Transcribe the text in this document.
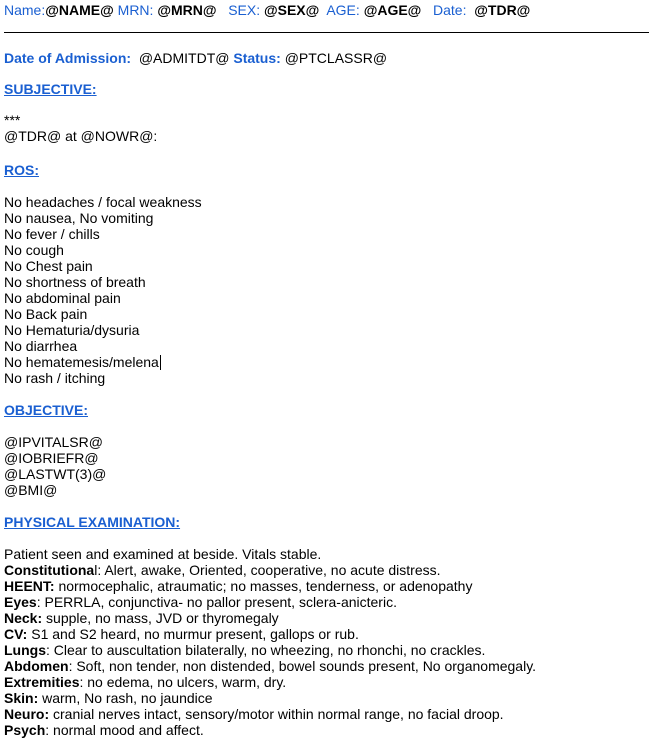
Name:@NAME@ MRN: @MRN@ SEX: @SEX@ AGE: @AGE@ Date: @TDR@
Date of Admission: @ADMITDT@ Status: @PTCLASSR@
SUBJECTIVE:
***
@TDR@ at @NOWR@:
ROS:
No headaches / focal weakness
No nausea, No vomiting
No fever / chills
No cough
No Chest pain
No shortness of breath
No abdominal pain
No Back pain
No Hematuria/dysuria
No diarrhea
No hematemesis/melena
No rash / itching
OBJECTIVE:
@IPVITALSR@
@IOBRIEFR@
@LASTWT(3)@
@BMI@
PHYSICAL EXAMINATION:
Patient seen and examined at beside. Vitals stable.
Constitutional: Alert, awake, Oriented, cooperative, no acute distress.
HEENT: normocephalic, atraumatic; no masses, tenderness, or adenopathy
Eyes: PERRLA, conjunctiva- no pallor present, sclera-anicteric.
Neck: supple, no mass, JVD or thyromegaly
CV: S1 and S2 heard, no murmur present, gallops or rub.
Lungs: Clear to auscultation bilaterally, no wheezing, no rhonchi, no crackles.
Abdomen: Soft, non tender, non distended, bowel sounds present, No organomegaly.
Extremities: no edema, no ulcers, warm, dry.
Skin: warm, No rash, no jaundice
Neuro: cranial nerves intact, sensory/motor within normal range, no facial droop.
Psych: normal mood and affect.
